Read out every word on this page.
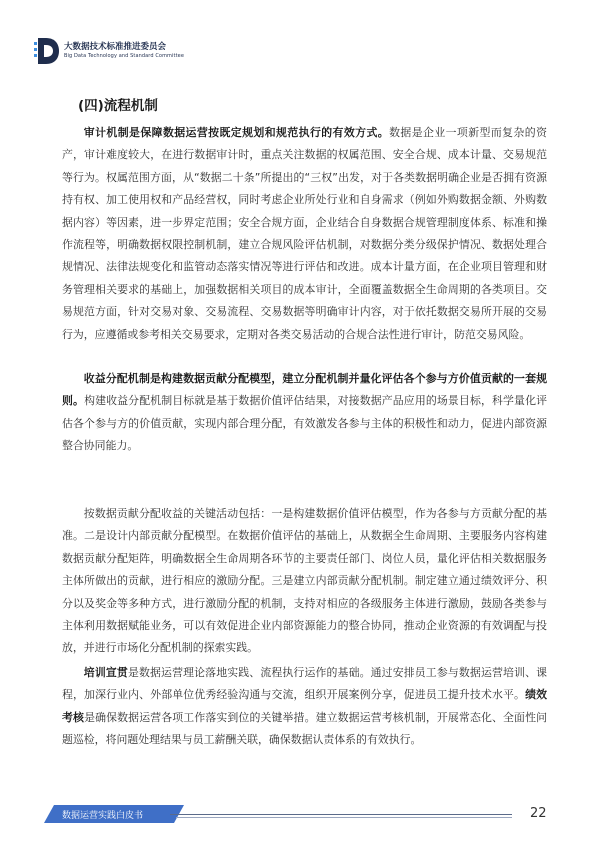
大数据技术标准推进委员会
Big Data Technology and Standard Committee
(四)流程机制
审计机制是保障数据运营按既定规划和规范执行的有效方式。数据是企业一项新型而复杂的资产，审计难度较大，在进行数据审计时，重点关注数据的权属范围、安全合规、成本计量、交易规范等行为。权属范围方面，从“数据二十条”所提出的“三权”出发，对于各类数据明确企业是否拥有资源持有权、加工使用权和产品经营权，同时考虑企业所处行业和自身需求（例如外购数据金额、外购数据内容）等因素，进一步界定范围；安全合规方面，企业结合自身数据合规管理制度体系、标准和操作流程等，明确数据权限控制机制，建立合规风险评估机制，对数据分类分级保护情况、数据处理合规情况、法律法规变化和监管动态落实情况等进行评估和改进。成本计量方面，在企业项目管理和财务管理相关要求的基础上，加强数据相关项目的成本审计，全面覆盖数据全生命周期的各类项目。交易规范方面，针对交易对象、交易流程、交易数据等明确审计内容，对于依托数据交易所开展的交易行为，应遵循或参考相关交易要求，定期对各类交易活动的合规合法性进行审计，防范交易风险。
收益分配机制是构建数据贡献分配模型，建立分配机制并量化评估各个参与方价值贡献的一套规则。构建收益分配机制目标就是基于数据价值评估结果，对接数据产品应用的场景目标，科学量化评估各个参与方的价值贡献，实现内部合理分配，有效激发各参与主体的积极性和动力，促进内部资源整合协同能力。
按数据贡献分配收益的关键活动包括：一是构建数据价值评估模型，作为各参与方贡献分配的基准。二是设计内部贡献分配模型。在数据价值评估的基础上，从数据全生命周期、主要服务内容构建数据贡献分配矩阵，明确数据全生命周期各环节的主要责任部门、岗位人员，量化评估相关数据服务主体所做出的贡献，进行相应的激励分配。三是建立内部贡献分配机制。制定建立通过绩效评分、积分以及奖金等多种方式，进行激励分配的机制，支持对相应的各级服务主体进行激励，鼓励各类参与主体利用数据赋能业务，可以有效促进企业内部资源能力的整合协同，推动企业资源的有效调配与投放，并进行市场化分配机制的探索实践。
培训宣贯是数据运营理论落地实践、流程执行运作的基础。通过安排员工参与数据运营培训、课程，加深行业内、外部单位优秀经验沟通与交流，组织开展案例分享，促进员工提升技术水平。绩效考核是确保数据运营各项工作落实到位的关键举措。建立数据运营考核机制，开展常态化、全面性问题巡检，将问题处理结果与员工薪酬关联，确保数据认责体系的有效执行。
数据运营实践白皮书	22
